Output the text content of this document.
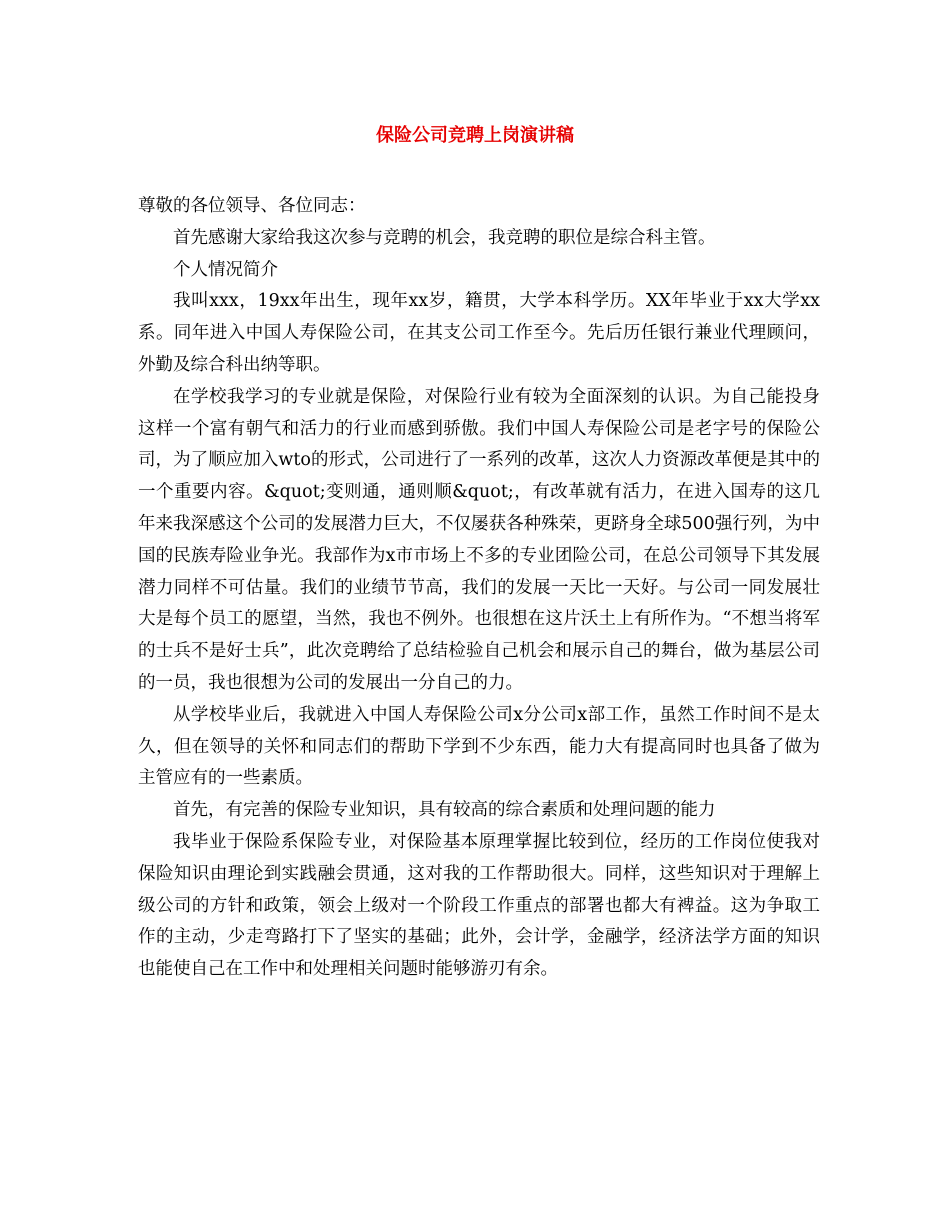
保险公司竞聘上岗演讲稿

尊敬的各位领导、各位同志：

首先感谢大家给我这次参与竞聘的机会，我竞聘的职位是综合科主管。

个人情况简介

我叫xxx，19xx年出生，现年xx岁，籍贯，大学本科学历。XX年毕业于xx大学xx系。同年进入中国人寿保险公司，在其支公司工作至今。先后历任银行兼业代理顾问，外勤及综合科出纳等职。

在学校我学习的专业就是保险，对保险行业有较为全面深刻的认识。为自己能投身这样一个富有朝气和活力的行业而感到骄傲。我们中国人寿保险公司是老字号的保险公司，为了顺应加入wto的形式，公司进行了一系列的改革，这次人力资源改革便是其中的一个重要内容。&quot;变则通，通则顺&quot;，有改革就有活力，在进入国寿的这几年来我深感这个公司的发展潜力巨大，不仅屡获各种殊荣，更跻身全球500强行列，为中国的民族寿险业争光。我部作为x市市场上不多的专业团险公司，在总公司领导下其发展潜力同样不可估量。我们的业绩节节高，我们的发展一天比一天好。与公司一同发展壮大是每个员工的愿望，当然，我也不例外。也很想在这片沃土上有所作为。“不想当将军的士兵不是好士兵”，此次竞聘给了总结检验自己机会和展示自己的舞台，做为基层公司的一员，我也很想为公司的发展出一分自己的力。

从学校毕业后，我就进入中国人寿保险公司x分公司x部工作，虽然工作时间不是太久，但在领导的关怀和同志们的帮助下学到不少东西，能力大有提高同时也具备了做为主管应有的一些素质。

首先，有完善的保险专业知识，具有较高的综合素质和处理问题的能力

我毕业于保险系保险专业，对保险基本原理掌握比较到位，经历的工作岗位使我对保险知识由理论到实践融会贯通，这对我的工作帮助很大。同样，这些知识对于理解上级公司的方针和政策，领会上级对一个阶段工作重点的部署也都大有裨益。这为争取工作的主动，少走弯路打下了坚实的基础；此外，会计学，金融学，经济法学方面的知识也能使自己在工作中和处理相关问题时能够游刃有余。
